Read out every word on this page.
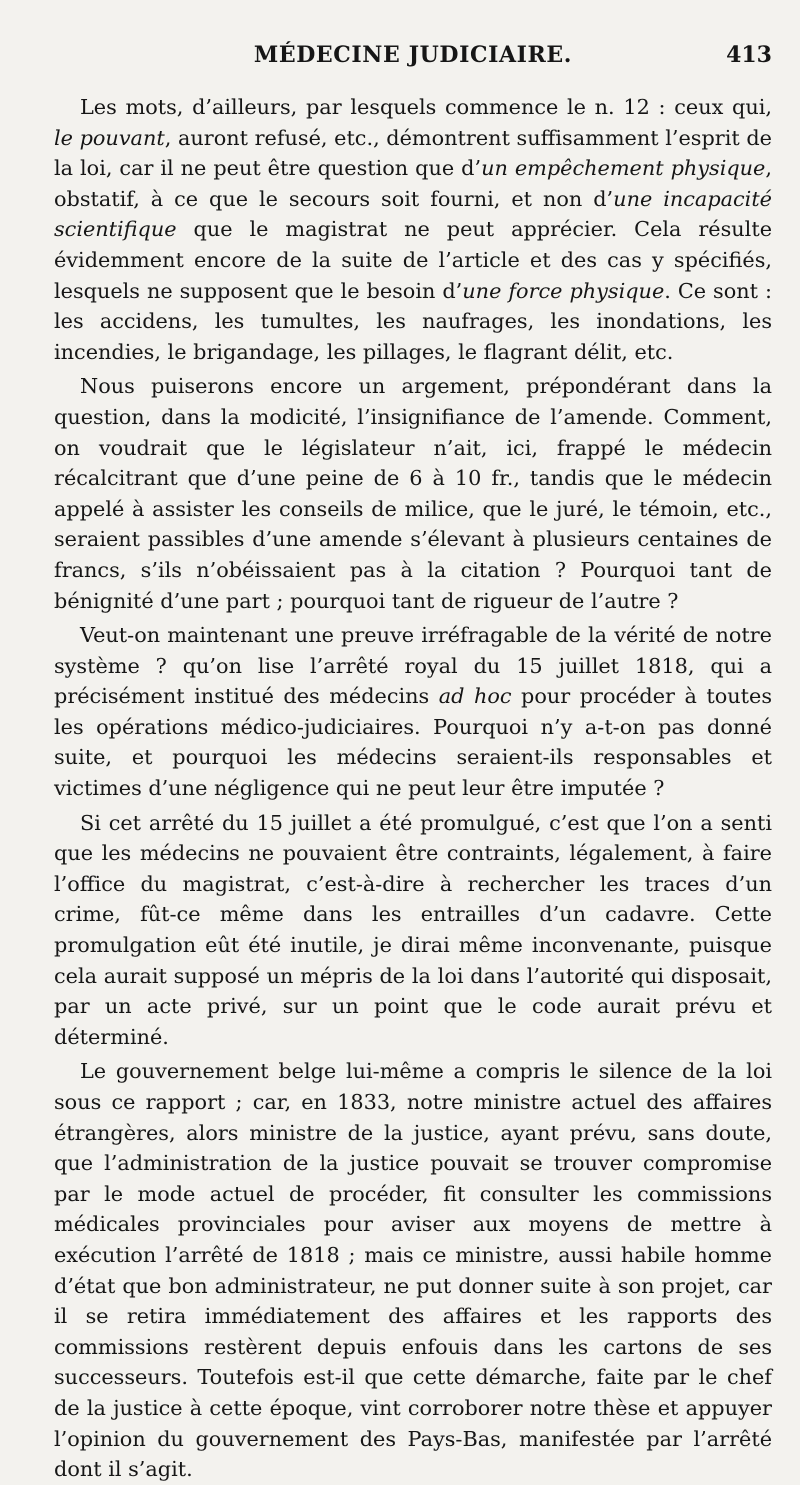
MÉDECINE JUDICIAIRE.	413

Les mots, d’ailleurs, par lesquels commence le n. 12 : ceux qui, le pouvant, auront refusé, etc., démontrent suffisamment l’esprit de la loi, car il ne peut être question que d’un empêchement physique, obstatif, à ce que le secours soit fourni, et non d’une incapacité scientifique que le magistrat ne peut apprécier. Cela résulte évidemment encore de la suite de l’article et des cas y spécifiés, lesquels ne supposent que le besoin d’une force physique. Ce sont : les accidens, les tumultes, les naufrages, les inondations, les incendies, le brigandage, les pillages, le flagrant délit, etc.

Nous puiserons encore un argement, prépondérant dans la question, dans la modicité, l’insignifiance de l’amende. Comment, on voudrait que le législateur n’ait, ici, frappé le médecin récalcitrant que d’une peine de 6 à 10 fr., tandis que le médecin appelé à assister les conseils de milice, que le juré, le témoin, etc., seraient passibles d’une amende s’élevant à plusieurs centaines de francs, s’ils n’obéissaient pas à la citation ? Pourquoi tant de bénignité d’une part ; pourquoi tant de rigueur de l’autre ?

Veut-on maintenant une preuve irréfragable de la vérité de notre système ? qu’on lise l’arrêté royal du 15 juillet 1818, qui a précisément institué des médecins ad hoc pour procéder à toutes les opérations médico-judiciaires. Pourquoi n’y a-t-on pas donné suite, et pourquoi les médecins seraient-ils responsables et victimes d’une négligence qui ne peut leur être imputée ?

Si cet arrêté du 15 juillet a été promulgué, c’est que l’on a senti que les médecins ne pouvaient être contraints, légalement, à faire l’office du magistrat, c’est-à-dire à rechercher les traces d’un crime, fût-ce même dans les entrailles d’un cadavre. Cette promulgation eût été inutile, je dirai même inconvenante, puisque cela aurait supposé un mépris de la loi dans l’autorité qui disposait, par un acte privé, sur un point que le code aurait prévu et déterminé.

Le gouvernement belge lui-même a compris le silence de la loi sous ce rapport ; car, en 1833, notre ministre actuel des affaires étrangères, alors ministre de la justice, ayant prévu, sans doute, que l’administration de la justice pouvait se trouver compromise par le mode actuel de procéder, fit consulter les commissions médicales provinciales pour aviser aux moyens de mettre à exécution l’arrêté de 1818 ; mais ce ministre, aussi habile homme d’état que bon administrateur, ne put donner suite à son projet, car il se retira immédiatement des affaires et les rapports des commissions restèrent depuis enfouis dans les cartons de ses successeurs. Toutefois est-il que cette démarche, faite par le chef de la justice à cette époque, vint corroborer notre thèse et appuyer l’opinion du gouvernement des Pays-Bas, manifestée par l’arrêté dont il s’agit.
